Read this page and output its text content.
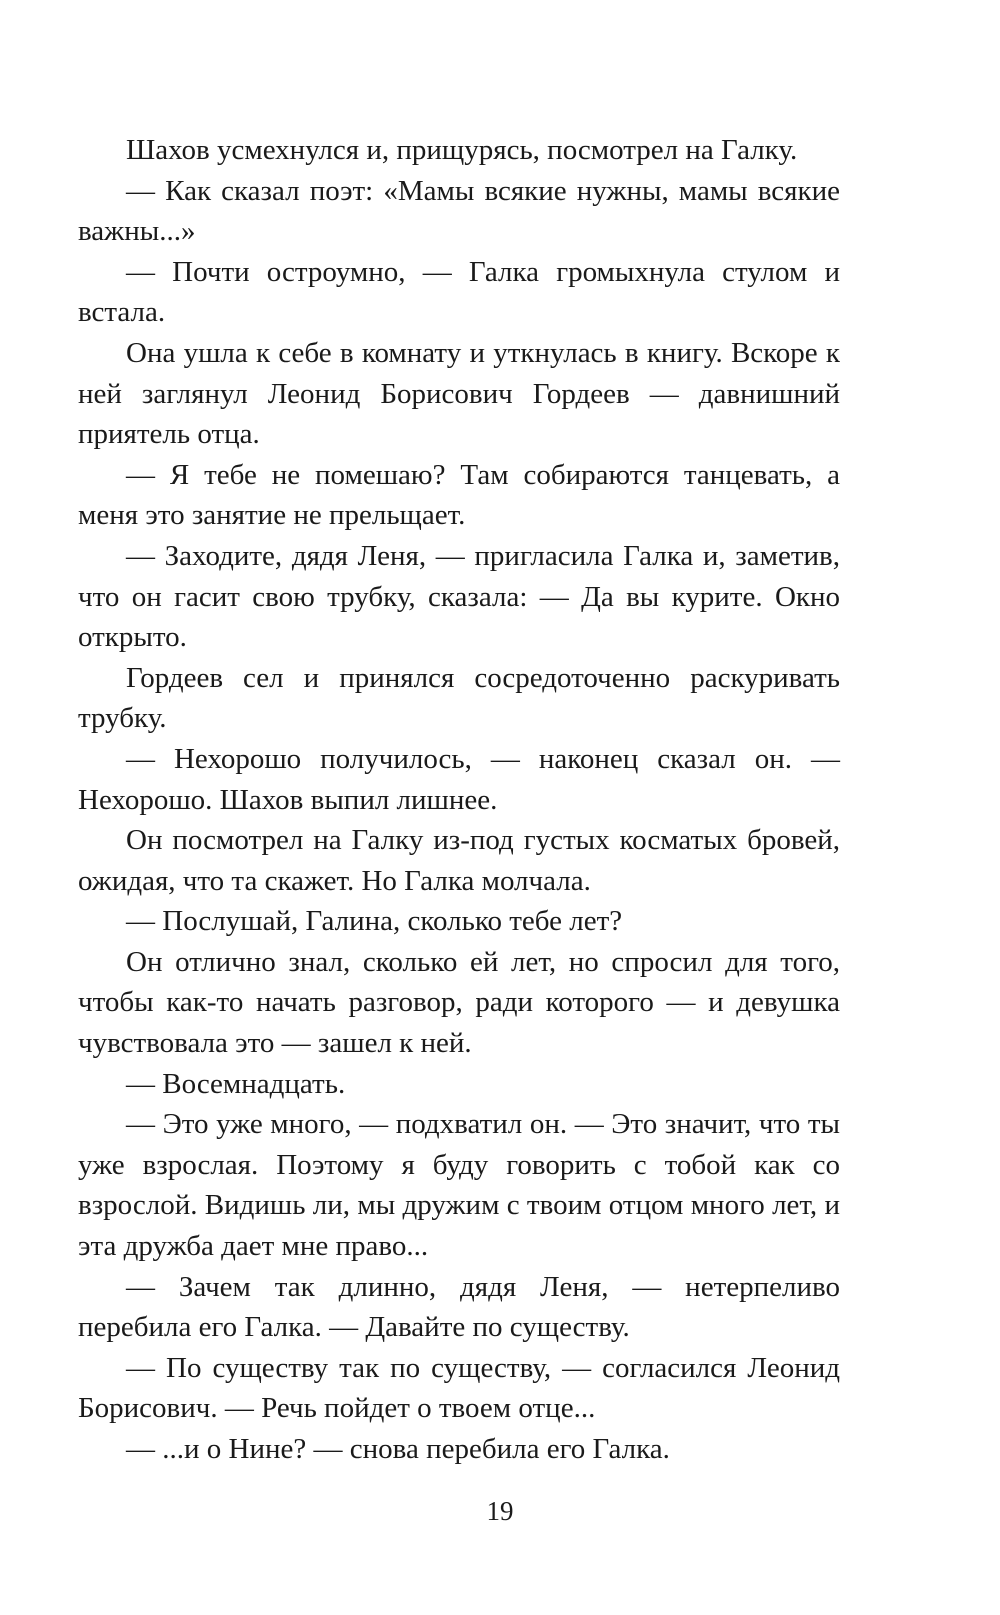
Шахов усмехнулся и, прищурясь, посмотрел на Галку.

— Как сказал поэт: «Мамы всякие нужны, мамы всякие важны...»

— Почти остроумно, — Галка громыхнула стулом и встала.

Она ушла к себе в комнату и уткнулась в книгу. Вскоре к ней заглянул Леонид Борисович Гордеев — давнишний приятель отца.

— Я тебе не помешаю? Там собираются танцевать, а меня это занятие не прельщает.

— Заходите, дядя Леня, — пригласила Галка и, заметив, что он гасит свою трубку, сказала: — Да вы курите. Окно открыто.

Гордеев сел и принялся сосредоточенно раскуривать трубку.

— Нехорошо получилось, — наконец сказал он. — Нехорошо. Шахов выпил лишнее.

Он посмотрел на Галку из-под густых косматых бровей, ожидая, что та скажет. Но Галка молчала.

— Послушай, Галина, сколько тебе лет?

Он отлично знал, сколько ей лет, но спросил для того, чтобы как-то начать разговор, ради которого — и девушка чувствовала это — зашел к ней.

— Восемнадцать.

— Это уже много, — подхватил он. — Это значит, что ты уже взрослая. Поэтому я буду говорить с тобой как со взрослой. Видишь ли, мы дружим с твоим отцом много лет, и эта дружба дает мне право...

— Зачем так длинно, дядя Леня, — нетерпеливо перебила его Галка. — Давайте по существу.

— По существу так по существу, — согласился Леонид Борисович. — Речь пойдет о твоем отце...

— ...и о Нине? — снова перебила его Галка.

19
